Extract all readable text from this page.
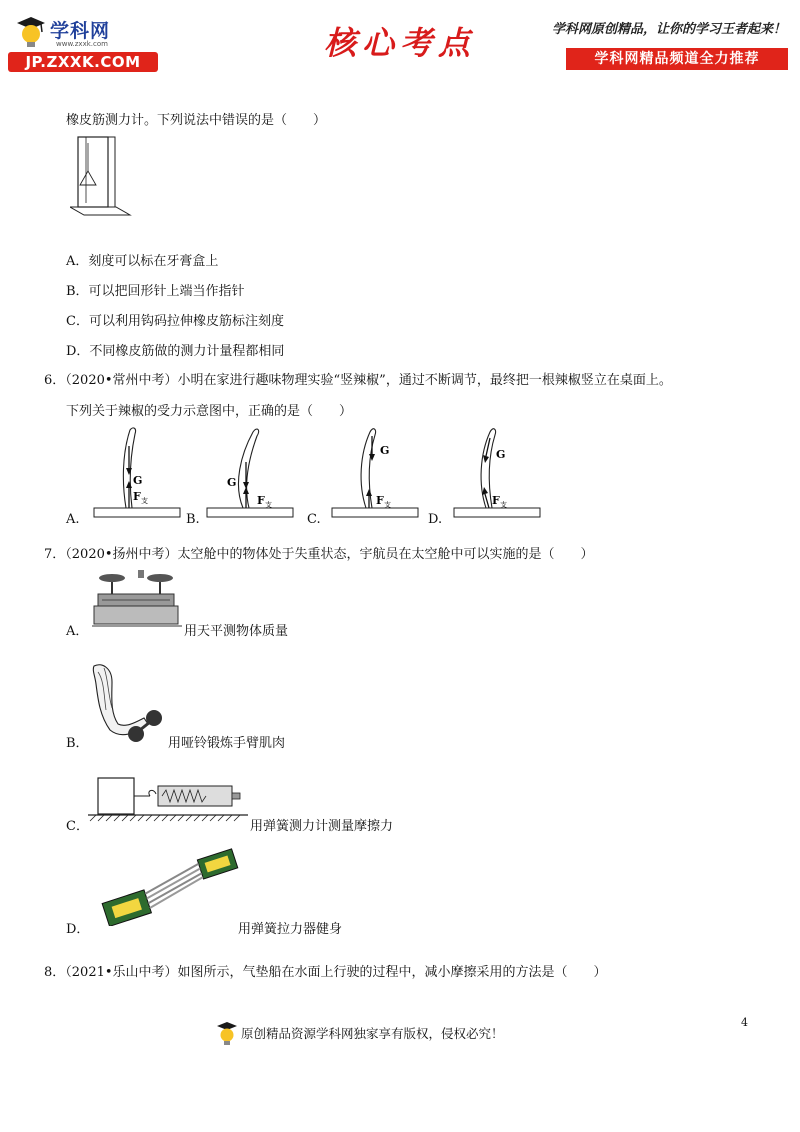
学科网
www.zxxk.com
JP.ZXXK.COM	核心考点	学科网原创精品，让你的学习王者起来！
学科网精品频道全力推荐
橡皮筋测力计。下列说法中错误的是（　　）
A．刻度可以标在牙膏盒上
B．可以把回形针上端当作指针
C．可以利用钩码拉伸橡皮筋标注刻度
D．不同橡皮筋做的测力计量程都相同
6．（2020•常州中考）小明在家进行趣味物理实验“竖辣椒”，通过不断调节，最终把一根辣椒竖立在桌面上。
下列关于辣椒的受力示意图中，正确的是（　　）
A.
G
F 支
B.
G
F 支
C.
G
F 支
D.
G
F 支
7．（2020•扬州中考）太空舱中的物体处于失重状态，宇航员在太空舱中可以实施的是（　　）
A．	用天平测物体质量
B．	用哑铃锻炼手臂肌肉
C．	用弹簧测力计测量摩擦力
D．	用弹簧拉力器健身
8．（2021•乐山中考）如图所示，气垫船在水面上行驶的过程中，减小摩擦采用的方法是（　　）
4
原创精品资源学科网独家享有版权，侵权必究！
